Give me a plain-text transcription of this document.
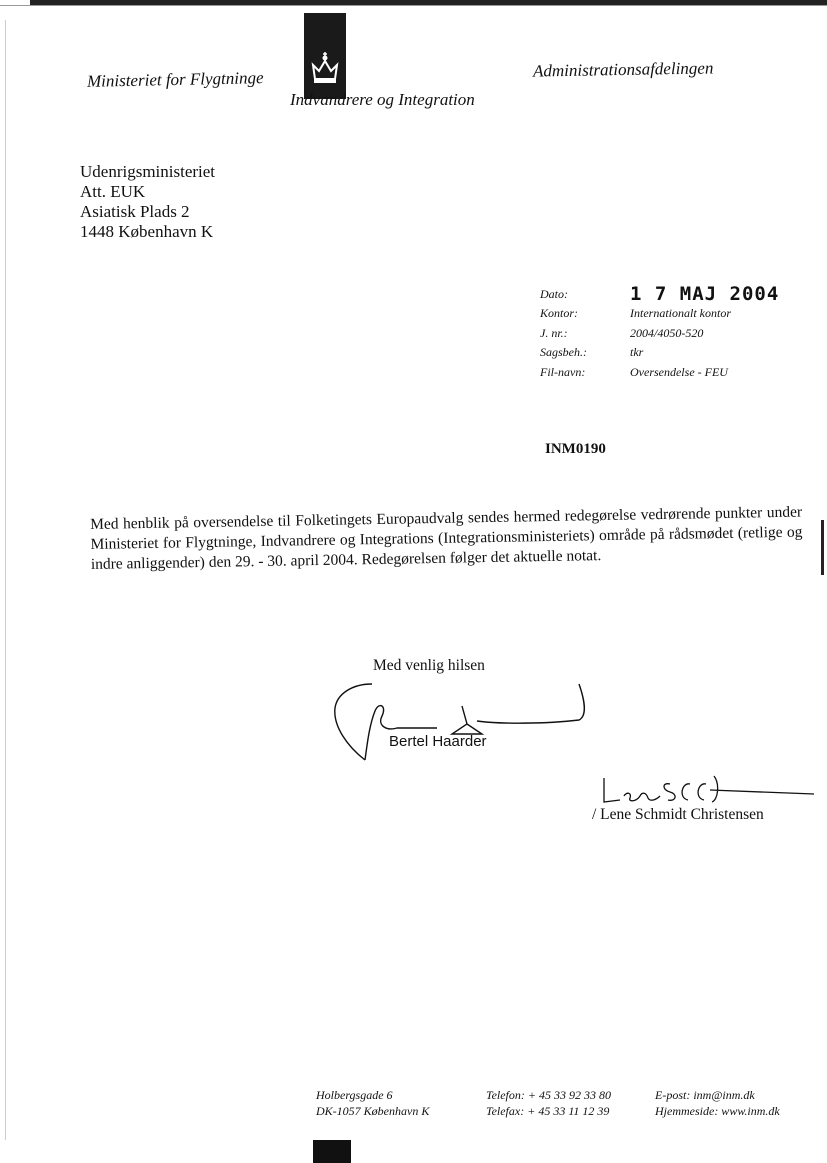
Ministeriet for Flygtninge
Indvandrere og Integration
Administrationsafdelingen
Udenrigsministeriet
Att. EUK
Asiatisk Plads 2
1448 København K
Dato:	1 7 MAJ 2004
Kontor:	Internationalt kontor
J. nr.:	2004/4050-520
Sagsbeh.:	tkr
Fil-navn:	Oversendelse - FEU
INM0190
Med henblik på oversendelse til Folketingets Europaudvalg sendes hermed redegørelse vedrørende punkter under Ministeriet for Flygtninge, Indvandrere og Integrations (Integrationsministeriets) område på rådsmødet (retlige og indre anliggender) den 29. - 30. april 2004. Redegørelsen følger det aktuelle notat.
Med venlig hilsen
Bertel Haarder
/ Lene Schmidt Christensen
Holbergsgade 6
DK-1057 København K
Telefon: + 45 33 92 33 80
Telefax: + 45 33 11 12 39
E-post: inm@inm.dk
Hjemmeside: www.inm.dk
